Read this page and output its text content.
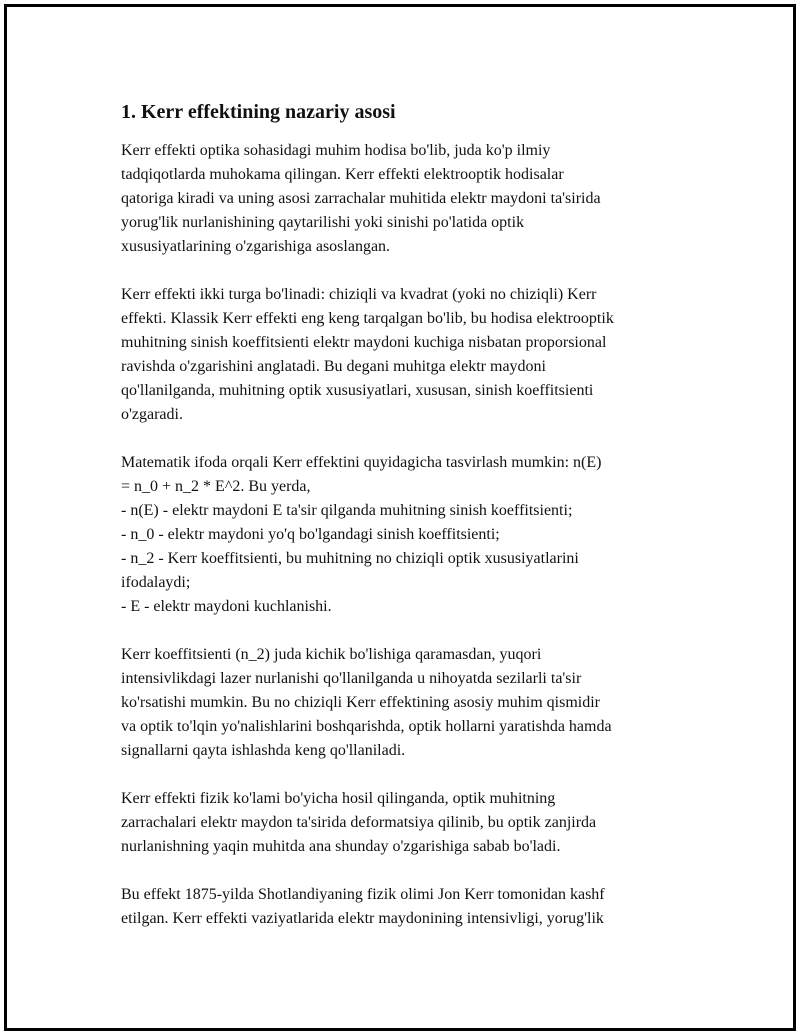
1. Kerr effektining nazariy asosi
Kerr effekti optika sohasidagi muhim hodisa bo'lib, juda ko'p ilmiy
tadqiqotlarda muhokama qilingan. Kerr effekti elektrooptik hodisalar
qatoriga kiradi va uning asosi zarrachalar muhitida elektr maydoni ta'sirida
yorug'lik nurlanishining qaytarilishi yoki sinishi po'latida optik
xususiyatlarining o'zgarishiga asoslangan.
Kerr effekti ikki turga bo'linadi: chiziqli va kvadrat (yoki no chiziqli) Kerr
effekti. Klassik Kerr effekti eng keng tarqalgan bo'lib, bu hodisa elektrooptik
muhitning sinish koeffitsienti elektr maydoni kuchiga nisbatan proporsional
ravishda o'zgarishini anglatadi. Bu degani muhitga elektr maydoni
qo'llanilganda, muhitning optik xususiyatlari, xususan, sinish koeffitsienti
o'zgaradi.
Matematik ifoda orqali Kerr effektini quyidagicha tasvirlash mumkin: n(E)
= n_0 + n_2 * E^2. Bu yerda,
- n(E) - elektr maydoni E ta'sir qilganda muhitning sinish koeffitsienti;
- n_0 - elektr maydoni yo'q bo'lgandagi sinish koeffitsienti;
- n_2 - Kerr koeffitsienti, bu muhitning no chiziqli optik xususiyatlarini
ifodalaydi;
- E - elektr maydoni kuchlanishi.
Kerr koeffitsienti (n_2) juda kichik bo'lishiga qaramasdan, yuqori
intensivlikdagi lazer nurlanishi qo'llanilganda u nihoyatda sezilarli ta'sir
ko'rsatishi mumkin. Bu no chiziqli Kerr effektining asosiy muhim qismidir
va optik to'lqin yo'nalishlarini boshqarishda, optik hollarni yaratishda hamda
signallarni qayta ishlashda keng qo'llaniladi.
Kerr effekti fizik ko'lami bo'yicha hosil qilinganda, optik muhitning
zarrachalari elektr maydon ta'sirida deformatsiya qilinib, bu optik zanjirda
nurlanishning yaqin muhitda ana shunday o'zgarishiga sabab bo'ladi.
Bu effekt 1875-yilda Shotlandiyaning fizik olimi Jon Kerr tomonidan kashf
etilgan. Kerr effekti vaziyatlarida elektr maydonining intensivligi, yorug'lik
